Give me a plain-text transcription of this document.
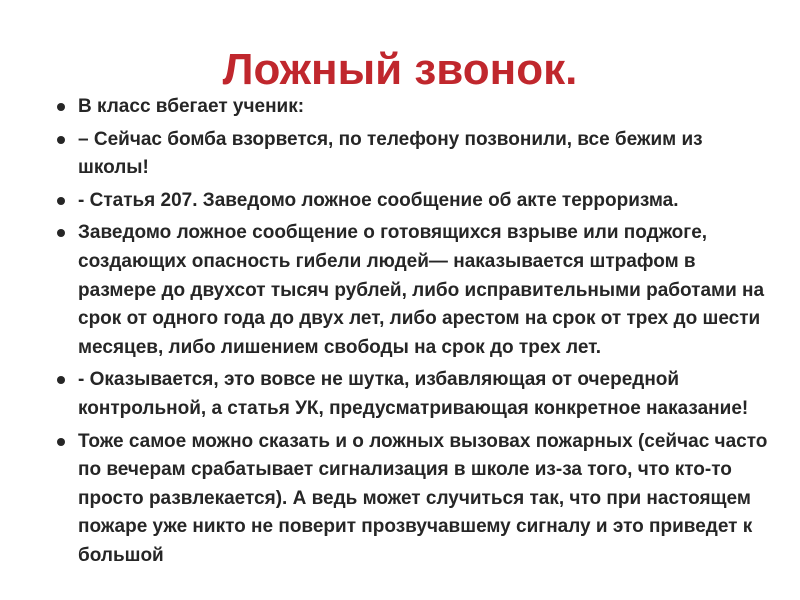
Ложный звонок.
В класс вбегает ученик:
– Сейчас бомба взорвется, по телефону позвонили, все бежим из школы!
- Статья 207. Заведомо ложное сообщение об акте терроризма.
Заведомо ложное сообщение о готовящихся взрыве или поджоге, создающих опасность гибели людей— наказывается штрафом в размере до двухсот тысяч рублей, либо исправительными работами на срок от одного года до двух лет, либо арестом на срок от трех до шести месяцев, либо лишением свободы на срок до трех лет.
- Оказывается, это вовсе не шутка, избавляющая от очередной контрольной, а статья УК, предусматривающая конкретное наказание!
Тоже самое можно сказать и о ложных вызовах пожарных (сейчас часто по вечерам срабатывает сигнализация в школе из-за того, что кто-то просто развлекается). А ведь может случиться так, что при настоящем пожаре уже никто не поверит прозвучавшему сигналу и это приведет к большой
